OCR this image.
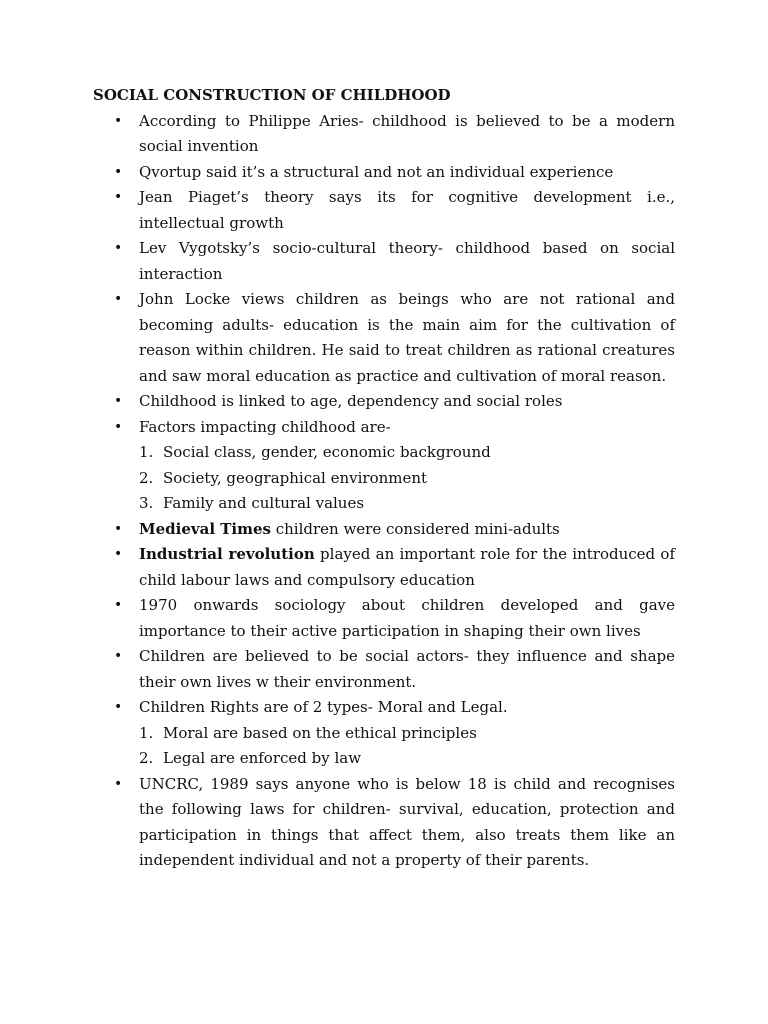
SOCIAL CONSTRUCTION OF CHILDHOOD
• According to Philippe Aries- childhood is believed to be a modern social invention
• Qvortup said it’s a structural and not an individual experience
• Jean Piaget’s theory says its for cognitive development i.e., intellectual growth
• Lev Vygotsky’s socio-cultural theory- childhood based on social interaction
• John Locke views children as beings who are not rational and becoming adults- education is the main aim for the cultivation of reason within children. He said to treat children as rational creatures and saw moral education as practice and cultivation of moral reason.
• Childhood is linked to age, dependency and social roles
• Factors impacting childhood are-
1. Social class, gender, economic background
2. Society, geographical environment
3. Family and cultural values
• Medieval Times children were considered mini-adults
• Industrial revolution played an important role for the introduced of child labour laws and compulsory education
• 1970 onwards sociology about children developed and gave importance to their active participation in shaping their own lives
• Children are believed to be social actors- they influence and shape their own lives w their environment.
• Children Rights are of 2 types- Moral and Legal.
1. Moral are based on the ethical principles
2. Legal are enforced by law
• UNCRC, 1989 says anyone who is below 18 is child and recognises the following laws for children- survival, education, protection and participation in things that affect them, also treats them like an independent individual and not a property of their parents.
